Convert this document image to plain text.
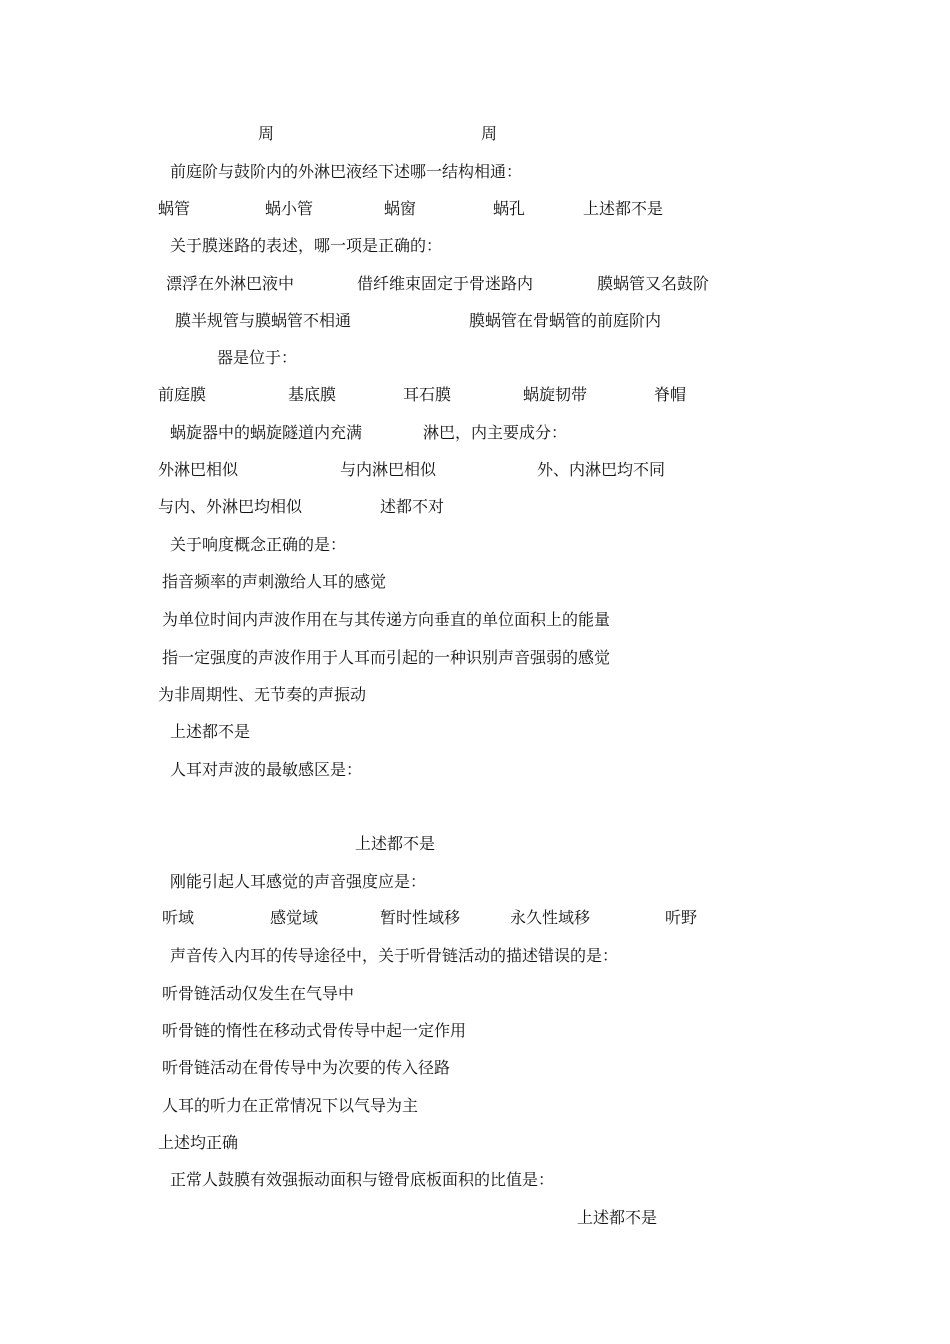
周	周
前庭阶与鼓阶内的外淋巴液经下述哪一结构相通：
蜗管	蜗小管	蜗窗	蜗孔	上述都不是
关于膜迷路的表述，哪一项是正确的：
漂浮在外淋巴液中	借纤维束固定于骨迷路内	膜蜗管又名鼓阶
膜半规管与膜蜗管不相通	膜蜗管在骨蜗管的前庭阶内
器是位于：
前庭膜	基底膜	耳石膜	蜗旋韧带	脊帽
蜗旋器中的蜗旋隧道内充满	淋巴，内主要成分：
外淋巴相似	与内淋巴相似	外、内淋巴均不同
与内、外淋巴均相似	述都不对
关于响度概念正确的是：
指音频率的声刺激给人耳的感觉
为单位时间内声波作用在与其传递方向垂直的单位面积上的能量
指一定强度的声波作用于人耳而引起的一种识别声音强弱的感觉
为非周期性、无节奏的声振动
上述都不是
人耳对声波的最敏感区是：
上述都不是
刚能引起人耳感觉的声音强度应是：
听域	感觉域	暂时性域移	永久性域移	听野
声音传入内耳的传导途径中，关于听骨链活动的描述错误的是：
听骨链活动仅发生在气导中
听骨链的惰性在移动式骨传导中起一定作用
听骨链活动在骨传导中为次要的传入径路
人耳的听力在正常情况下以气导为主
上述均正确
正常人鼓膜有效强振动面积与镫骨底板面积的比值是：
上述都不是
